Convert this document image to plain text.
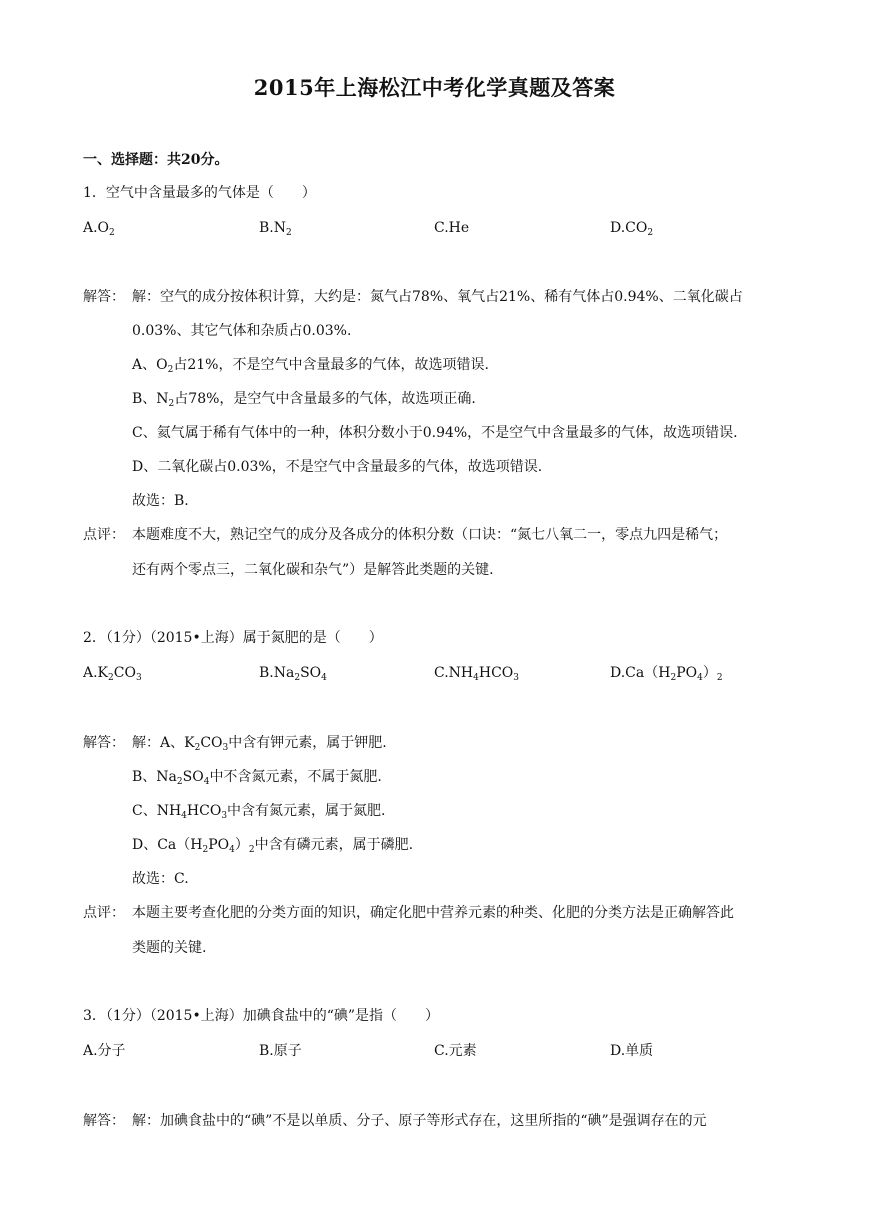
2015年上海松江中考化学真题及答案
一、选择题：共20分。
1．空气中含量最多的气体是（　　）
$A.O_2$	$B.N_2$	C.He	$D.CO_2$
解答： 解：空气的成分按体积计算，大约是：氮气占78%、氧气占21%、稀有气体占0.94%、二氧化碳占
0.03%、其它气体和杂质占0.03%.
A、$O_2$占21%，不是空气中含量最多的气体，故选项错误.
B、$N_2$占78%，是空气中含量最多的气体，故选项正确.
C、氦气属于稀有气体中的一种，体积分数小于0.94%，不是空气中含量最多的气体，故选项错误.
D、二氧化碳占0.03%，不是空气中含量最多的气体，故选项错误.
故选：B.
点评： 本题难度不大，熟记空气的成分及各成分的体积分数（口诀：“氮七八氧二一，零点九四是稀气；
还有两个零点三，二氧化碳和杂气”）是解答此类题的关键.
2．（1分）（2015•上海）属于氮肥的是（　　）
$A.K_2CO_3$	$B.Na_2SO_4$	$C.NH_4HCO_3$	$D.Ca(H_2PO_4)_2$
解答： 解：A、$K_2CO_3$中含有钾元素，属于钾肥.
B、$Na_2SO_4$中不含氮元素，不属于氮肥.
C、$NH_4HCO_3$中含有氮元素，属于氮肥.
D、$Ca(H_2PO_4)_2$中含有磷元素，属于磷肥.
故选：C.
点评： 本题主要考查化肥的分类方面的知识，确定化肥中营养元素的种类、化肥的分类方法是正确解答此
类题的关键.
3．（1分）（2015•上海）加碘食盐中的“碘”是指（　　）
A.分子	B.原子	C.元素	D.单质
解答： 解：加碘食盐中的“碘”不是以单质、分子、原子等形式存在，这里所指的“碘”是强调存在的元
